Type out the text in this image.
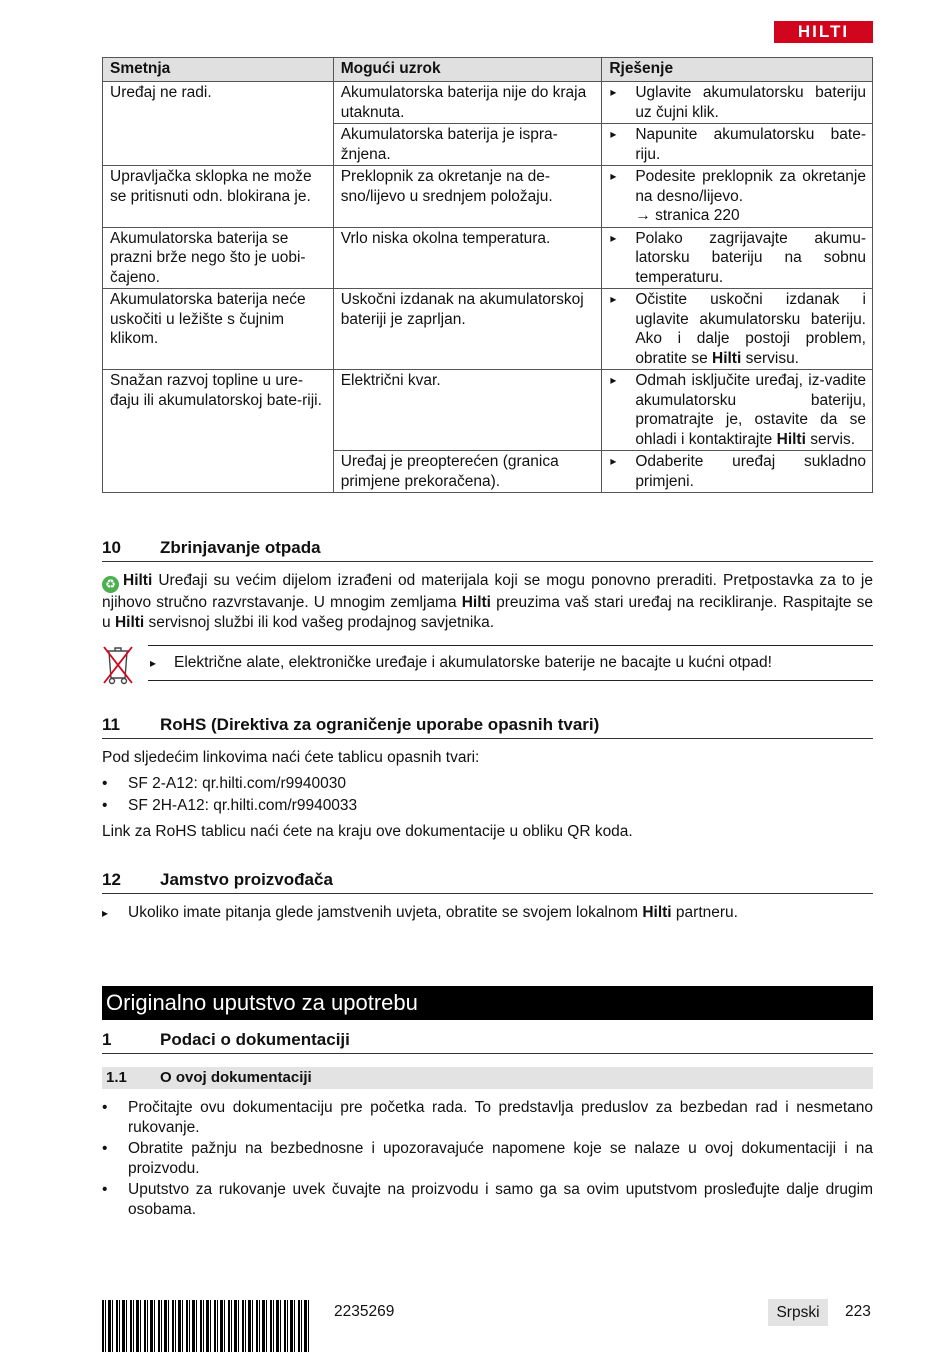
HILTI
Smetnja	Mogući uzrok	Rješenje
Uređaj ne radi.	Akumulatorska baterija nije do kraja utaknuta.	▸ Uglavite akumulatorsku bateriju uz čujni klik.
	Akumulatorska baterija je ispra-žnjena.	▸ Napunite akumulatorsku bate-riju.
Upravljačka sklopka ne može se pritisnuti odn. blokirana je.	Preklopnik za okretanje na de-sno/lijevo u srednjem položaju.	▸ Podesite preklopnik za okretanje na desno/lijevo.
→ stranica 220
Akumulatorska baterija se prazni brže nego što je uobi-čajeno.	Vrlo niska okolna temperatura.	▸ Polako zagrijavajte akumu-latorsku bateriju na sobnu temperaturu.
Akumulatorska baterija neće uskočiti u ležište s čujnim klikom.	Uskočni izdanak na akumulatorskoj bateriji je zaprljan.	▸ Očistite uskočni izdanak i uglavite akumulatorsku bateriju. Ako i dalje postoji problem, obratite se Hilti servisu.
Snažan razvoj topline u ure-đaju ili akumulatorskoj bate-riji.	Električni kvar.	▸ Odmah isključite uređaj, iz-vadite akumulatorsku bateriju, promatrajte je, ostavite da se ohladi i kontaktirajte Hilti servis.
	Uređaj je preopterećen (granica primjene prekoračena).	▸ Odaberite uređaj sukladno primjeni.
10 Zbrinjavanje otpada
♻ Hilti Uređaji su većim dijelom izrađeni od materijala koji se mogu ponovno preraditi. Pretpostavka za to je njihovo stručno razvrstavanje. U mnogim zemljama Hilti preuzima vaš stari uređaj na recikliranje. Raspitajte se u Hilti servisnoj službi ili kod vašeg prodajnog savjetnika.
▸ Električne alate, elektroničke uređaje i akumulatorske baterije ne bacajte u kućni otpad!
11 RoHS (Direktiva za ograničenje uporabe opasnih tvari)
Pod sljedećim linkovima naći ćete tablicu opasnih tvari:
• SF 2-A12: qr.hilti.com/r9940030
• SF 2H-A12: qr.hilti.com/r9940033
Link za RoHS tablicu naći ćete na kraju ove dokumentacije u obliku QR koda.
12 Jamstvo proizvođača
▸ Ukoliko imate pitanja glede jamstvenih uvjeta, obratite se svojem lokalnom Hilti partneru.
Originalno uputstvo za upotrebu
1	Podaci o dokumentaciji
1.1 O ovoj dokumentaciji
• Pročitajte ovu dokumentaciju pre početka rada. To predstavlja preduslov za bezbedan rad i nesmetano rukovanje.
• Obratite pažnju na bezbednosne i upozoravajuće napomene koje se nalaze u ovoj dokumentaciji i na proizvodu.
• Uputstvo za rukovanje uvek čuvajte na proizvodu i samo ga sa ovim uputstvom prosleđujte dalje drugim osobama.
2235269	Srpski	223
